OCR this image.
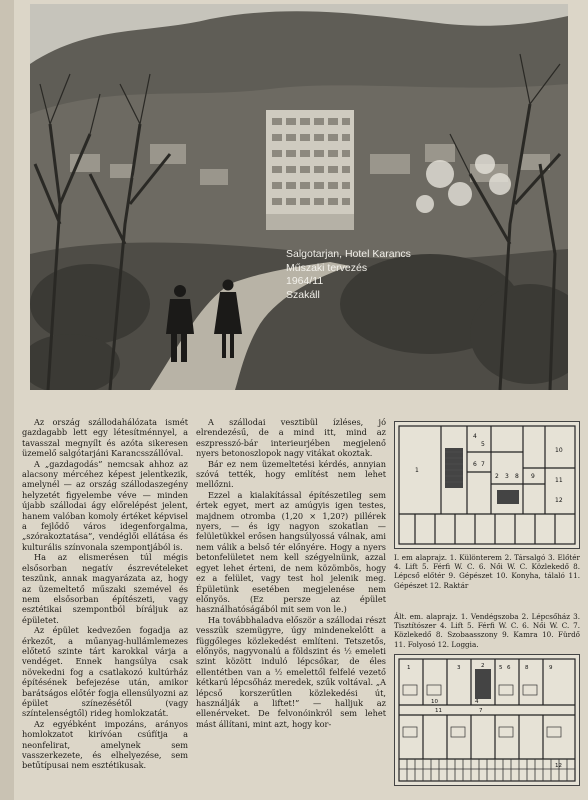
Salgotarjan, Hotel Karancs
Műszaki tervezés
1964/11
Szakáll

Az ország szállodahálózata ismét gazdagabb lett egy létesítménnyel, a tavasszal megnyílt és azóta sikeresen üzemelő salgótarjáni Karancsszállóval.

A „gazdagodás” nemcsak ahhoz az alacsony mércéhez képest jelentkezik, amelynél — az ország szállodaszegény helyzetét figyelembe véve — minden újabb szállodai ágy előrelépést jelent, hanem valóban komoly értéket képvisel a fejlődő város idegenforgalma, „szórakoztatása”, vendéglői ellátása és kulturális színvonala szempontjából is.

Ha az elismerésen túl mégis elsősorban negatív észrevételeket teszünk, annak magyarázata az, hogy az üzemeltető műszaki szemével és nem elsősorban építészeti, vagy esztétikai szempontból bíráljuk az épületet.

Az épület kedvezően fogadja az érkezőt, a műanyag-hullámlemezes előtető szinte tárt karokkal várja a vendéget. Ennek hangsúlya csak növekedni fog a csatlakozó kultúrház építésének befejezése után, amikor barátságos előtér fogja ellensúlyozni az épület színezésétől (vagy színtelenségtől) rideg homlokzatát.

Az egyébként impozáns, arányos homlokzatot kirívóan csúfítja a neonfelirat, amelynek sem vasszerkezete, és elhelyezése, sem betűtípusai nem esztétikusak.

A szállodai vesztibül ízléses, jó elrendezésű, de a mind itt, mind az eszpresszó-bár interieurjében megjelenő nyers betonoszlopok nagy vitákat okoztak.

Bár ez nem üzemeltetési kérdés, annyian szóvá tették, hogy említést nem lehet mellőzni.

Ezzel a kialakítással építészetileg sem értek egyet, mert az amúgyis igen testes, majdnem otromba (1,20 × 1,20?) pillérek nyers, — és igy nagyon szokatlan — felületükkel erősen hangsúlyossá válnak, ami nem válik a belső tér előnyére. Hogy a nyers betonfelületet nem kell szégyelnünk, azzal egyet lehet érteni, de nem közömbös, hogy ez a felület, vagy test hol jelenik meg. Épületünk esetében megjelenése nem előnyös. (Ez persze az épület használhatóságából mit sem von le.)

Ha továbbhaladva először a szállodai részt vesszük szemügyre, úgy mindenekelőtt a függőleges közlekedést említeni. Tetszetős, előnyös, nagyvonalú a földszint és ½ emeleti szint között induló lépcsőkar, de éles ellentétben van a ½ emelettől felfelé vezető kétkarú lépcsőház meredek, szűk voltával. „A lépcső korszerűtlen közlekedési út, használják a liftet!” — halljuk az ellenérveket. De felvonóinkról sem lehet mást állítani, mint azt, hogy kor-

4
5
6 7
3
2	8 9
10
11
12
1
I. em alaprajz. 1. Különterem 2. Társalgó 3. Előtér 4. Lift 5. Férfi W. C. 6. Női W. C. Közlekedő 8. Lépcső előtér 9. Gépészet 10. Konyha, tálaló 11. Gépészet 12. Raktár
Ált. em. alaprajz. 1. Vendégszoba 2. Lépcsőház 3. Tisztítószer 4. Lift 5. Férfi W. C. 6. Női W. C. 7. Közlekedő 8. Szobaasszony 9. Kamra 10. Fürdő 11. Folyosó 12. Loggia.
1	2
3
4
5 6
7
8	9
10
11
12
